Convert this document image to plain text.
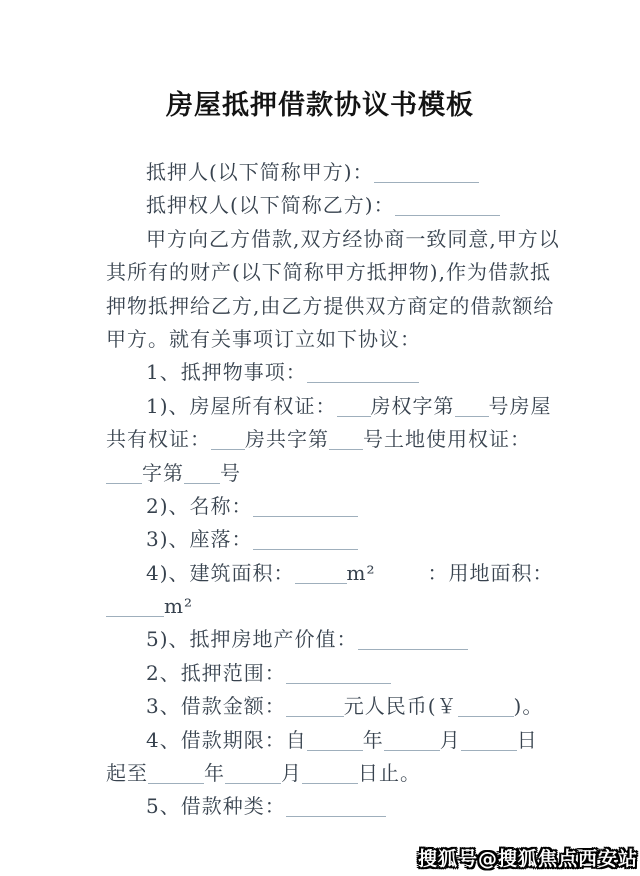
房屋抵押借款协议书模板
抵押人(以下简称甲方)：
抵押权人(以下简称乙方)：
甲方向乙方借款,双方经协商一致同意,甲方以
其所有的财产(以下简称甲方抵押物),作为借款抵
押物抵押给乙方,由乙方提供双方商定的借款额给
甲方。就有关事项订立如下协议：
1、抵押物事项：
1)、房屋所有权证： 房权字第 号房屋
共有权证： 房共字第 号土地使用权证：
字第 号
2)、名称：
3)、座落：
4)、建筑面积：	m²	：用地面积：
m²
5)、抵押房地产价值：
2、抵押范围：
3、借款金额：	元人民币(￥	)。
4、借款期限：自	年	月	日
起至	年	月	日止。
5、借款种类：
搜狐号@搜狐焦点西安站
